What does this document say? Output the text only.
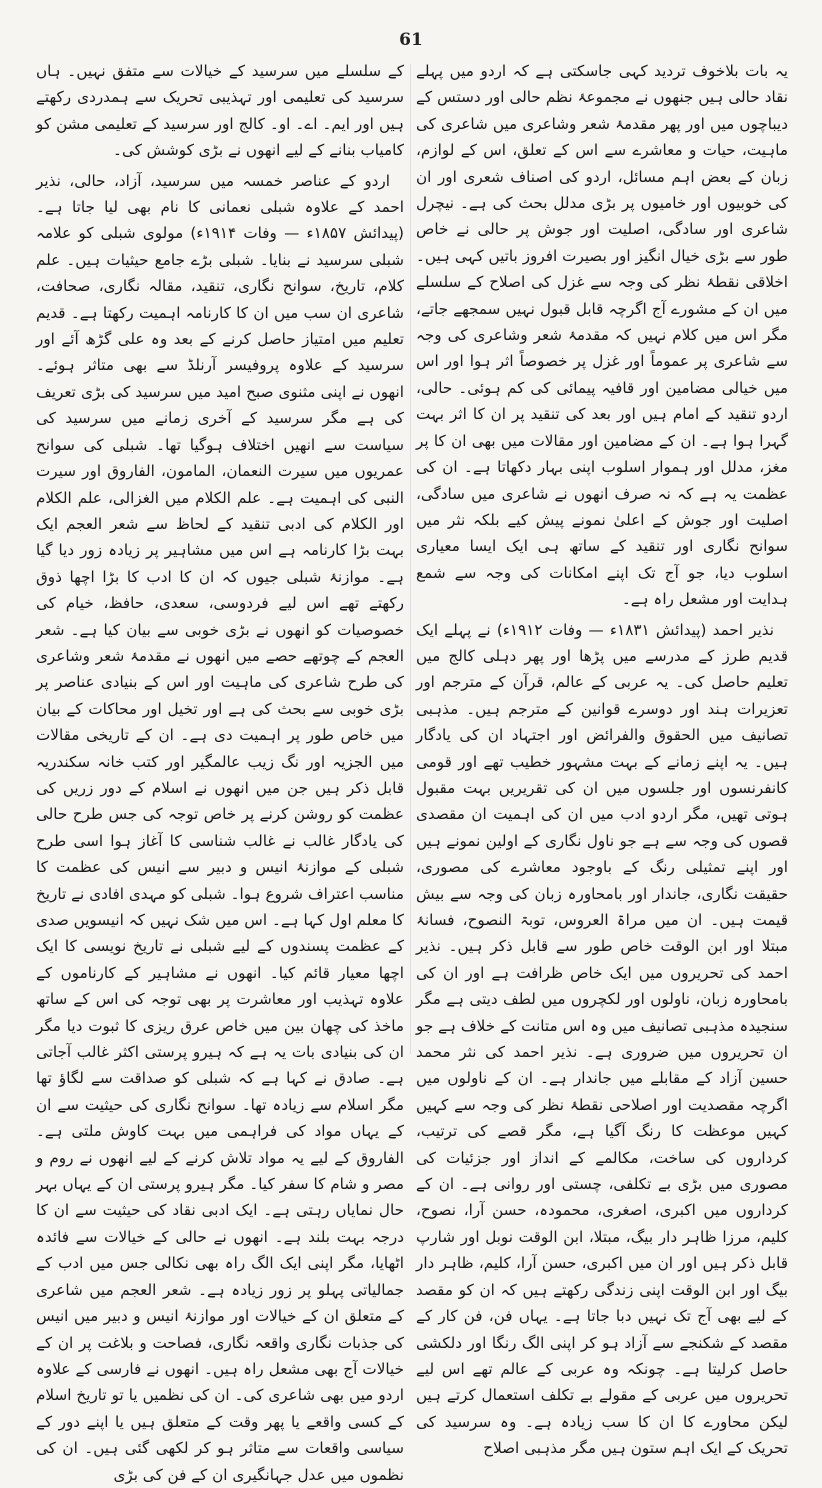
61

یہ بات بلاخوف تردید کہی جاسکتی ہے کہ اردو میں پہلے نقاد حالی ہیں جنھوں نے مجموعۂ نظم حالی اور دستس کے دیباچوں میں اور پھر مقدمۂ شعر وشاعری میں شاعری کی ماہیت، حیات و معاشرے سے اس کے تعلق، اس کے لوازم، زبان کے بعض اہم مسائل، اردو کی اصناف شعری اور ان کی خوبیوں اور خامیوں پر بڑی مدلل بحث کی ہے۔ نیچرل شاعری اور سادگی، اصلیت اور جوش پر حالی نے خاص طور سے بڑی خیال انگیز اور بصیرت افروز باتیں کہی ہیں۔ اخلاقی نقطۂ نظر کی وجہ سے غزل کی اصلاح کے سلسلے میں ان کے مشورے آج اگرچہ قابل قبول نہیں سمجھے جاتے، مگر اس میں کلام نہیں کہ مقدمۂ شعر وشاعری کی وجہ سے شاعری پر عموماً اور غزل پر خصوصاً اثر ہوا اور اس میں خیالی مضامین اور قافیہ پیمائی کی کم ہوئی۔ حالی، اردو تنقید کے امام ہیں اور بعد کی تنقید پر ان کا اثر بہت گہرا ہوا ہے۔ ان کے مضامین اور مقالات میں بھی ان کا پر مغز، مدلل اور ہموار اسلوب اپنی بہار دکھاتا ہے۔ ان کی عظمت یہ ہے کہ نہ صرف انھوں نے شاعری میں سادگی، اصلیت اور جوش کے اعلیٰ نمونے پیش کیے بلکہ نثر میں سوانح نگاری اور تنقید کے ساتھ ہی ایک ایسا معیاری اسلوب دیا، جو آج تک اپنے امکانات کی وجہ سے شمع ہدایت اور مشعل راہ ہے۔

نذیر احمد (پیدائش ۱۸۳۱ء — وفات ۱۹۱۲ء) نے پہلے ایک قدیم طرز کے مدرسے میں پڑھا اور پھر دہلی کالج میں تعلیم حاصل کی۔ یہ عربی کے عالم، قرآن کے مترجم اور تعزیرات ہند اور دوسرے قوانین کے مترجم ہیں۔ مذہبی تصانیف میں الحقوق والفرائض اور اجتہاد ان کی یادگار ہیں۔ یہ اپنے زمانے کے بہت مشہور خطیب تھے اور قومی کانفرنسوں اور جلسوں میں ان کی تقریریں بہت مقبول ہوتی تھیں، مگر اردو ادب میں ان کی اہمیت ان مقصدی قصوں کی وجہ سے ہے جو ناول نگاری کے اولین نمونے ہیں اور اپنے تمثیلی رنگ کے باوجود معاشرے کی مصوری، حقیقت نگاری، جاندار اور بامحاورہ زبان کی وجہ سے بیش قیمت ہیں۔ ان میں مراۃ العروس، توبۃ النصوح، فسانۂ مبتلا اور ابن الوقت خاص طور سے قابل ذکر ہیں۔ نذیر احمد کی تحریروں میں ایک خاص ظرافت ہے اور ان کی بامحاورہ زبان، ناولوں اور لکچروں میں لطف دیتی ہے مگر سنجیدہ مذہبی تصانیف میں وہ اس متانت کے خلاف ہے جو ان تحریروں میں ضروری ہے۔ نذیر احمد کی نثر محمد حسین آزاد کے مقابلے میں جاندار ہے۔ ان کے ناولوں میں اگرچہ مقصدیت اور اصلاحی نقطۂ نظر کی وجہ سے کہیں کہیں موعظت کا رنگ آگیا ہے، مگر قصے کی ترتیب، کرداروں کی ساخت، مکالمے کے انداز اور جزئیات کی مصوری میں بڑی بے تکلفی، چستی اور روانی ہے۔ ان کے کرداروں میں اکبری، اصغری، محمودہ، حسن آرا، نصوح، کلیم، مرزا ظاہر دار بیگ، مبتلا، ابن الوقت نوبل اور شارپ قابل ذکر ہیں اور ان میں اکبری، حسن آرا، کلیم، ظاہر دار بیگ اور ابن الوقت اپنی زندگی رکھتے ہیں کہ ان کو مقصد کے لیے بھی آج تک نہیں دبا جاتا ہے۔ یہاں فن، فن کار کے مقصد کے شکنجے سے آزاد ہو کر اپنی الگ رنگا اور دلکشی حاصل کرلیتا ہے۔ چونکہ وہ عربی کے عالم تھے اس لیے تحریروں میں عربی کے مقولے بے تکلف استعمال کرتے ہیں لیکن محاورے کا ان کا سب زیادہ ہے۔ وہ سرسید کی تحریک کے ایک اہم ستون ہیں مگر مذہبی اصلاح

کے سلسلے میں سرسید کے خیالات سے متفق نہیں۔ ہاں سرسید کی تعلیمی اور تہذیبی تحریک سے ہمدردی رکھتے ہیں اور ایم۔ اے۔ او۔ کالج اور سرسید کے تعلیمی مشن کو کامیاب بنانے کے لیے انھوں نے بڑی کوشش کی۔

اردو کے عناصر خمسہ میں سرسید، آزاد، حالی، نذیر احمد کے علاوہ شبلی نعمانی کا نام بھی لیا جاتا ہے۔ (پیدائش ۱۸۵۷ء — وفات ۱۹۱۴ء) مولوی شبلی کو علامہ شبلی سرسید نے بنایا۔ شبلی بڑے جامع حیثیات ہیں۔ علم کلام، تاریخ، سوانح نگاری، تنقید، مقالہ نگاری، صحافت، شاعری ان سب میں ان کا کارنامہ اہمیت رکھتا ہے۔ قدیم تعلیم میں امتیاز حاصل کرنے کے بعد وہ علی گڑھ آئے اور سرسید کے علاوہ پروفیسر آرنلڈ سے بھی متاثر ہوئے۔ انھوں نے اپنی مثنوی صبح امید میں سرسید کی بڑی تعریف کی ہے مگر سرسید کے آخری زمانے میں سرسید کی سیاست سے انھیں اختلاف ہوگیا تھا۔ شبلی کی سوانح عمریوں میں سیرت النعمان، المامون، الفاروق اور سیرت النبی کی اہمیت ہے۔ علم الکلام میں الغزالی، علم الکلام اور الکلام کی ادبی تنقید کے لحاظ سے شعر العجم ایک بہت بڑا کارنامہ ہے اس میں مشاہیر پر زیادہ زور دیا گیا ہے۔ موازنۂ شبلی جیوں کہ ان کا ادب کا بڑا اچھا ذوق رکھتے تھے اس لیے فردوسی، سعدی، حافظ، خیام کی خصوصیات کو انھوں نے بڑی خوبی سے بیان کیا ہے۔ شعر العجم کے چوتھے حصے میں انھوں نے مقدمۂ شعر وشاعری کی طرح شاعری کی ماہیت اور اس کے بنیادی عناصر پر بڑی خوبی سے بحث کی ہے اور تخیل اور محاکات کے بیان میں خاص طور پر اہمیت دی ہے۔ ان کے تاریخی مقالات میں الجزیہ اور نگ زیب عالمگیر اور کتب خانہ سکندریہ قابل ذکر ہیں جن میں انھوں نے اسلام کے دور زریں کی عظمت کو روشن کرنے پر خاص توجہ کی جس طرح حالی کی یادگار غالب نے غالب شناسی کا آغاز ہوا اسی طرح شبلی کے موازنۂ انیس و دبیر سے انیس کی عظمت کا مناسب اعتراف شروع ہوا۔ شبلی کو مہدی افادی نے تاریخ کا معلم اول کہا ہے۔ اس میں شک نہیں کہ انیسویں صدی کے عظمت پسندوں کے لیے شبلی نے تاریخ نویسی کا ایک اچھا معیار قائم کیا۔ انھوں نے مشاہیر کے کارناموں کے علاوہ تہذیب اور معاشرت پر بھی توجہ کی اس کے ساتھ ماخذ کی چھان بین میں خاص عرق ریزی کا ثبوت دیا مگر ان کی بنیادی بات یہ ہے کہ ہیرو پرستی اکثر غالب آجاتی ہے۔ صادق نے کہا ہے کہ شبلی کو صداقت سے لگاؤ تھا مگر اسلام سے زیادہ تھا۔ سوانح نگاری کی حیثیت سے ان کے یہاں مواد کی فراہمی میں بہت کاوش ملتی ہے۔ الفاروق کے لیے یہ مواد تلاش کرنے کے لیے انھوں نے روم و مصر و شام کا سفر کیا۔ مگر ہیرو پرستی ان کے یہاں بہر حال نمایاں رہتی ہے۔ ایک ادبی نقاد کی حیثیت سے ان کا درجہ بہت بلند ہے۔ انھوں نے حالی کے خیالات سے فائدہ اٹھایا، مگر اپنی ایک الگ راہ بھی نکالی جس میں ادب کے جمالیاتی پہلو پر زور زیادہ ہے۔ شعر العجم میں شاعری کے متعلق ان کے خیالات اور موازنۂ انیس و دبیر میں انیس کی جذبات نگاری واقعہ نگاری، فصاحت و بلاغت پر ان کے خیالات آج بھی مشعل راہ ہیں۔ انھوں نے فارسی کے علاوہ اردو میں بھی شاعری کی۔ ان کی نظمیں یا تو تاریخ اسلام کے کسی واقعے یا پھر وقت کے متعلق ہیں یا اپنے دور کے سیاسی واقعات سے متاثر ہو کر لکھی گئی ہیں۔ ان کی نظموں میں عدل جہانگیری ان کے فن کی بڑی
